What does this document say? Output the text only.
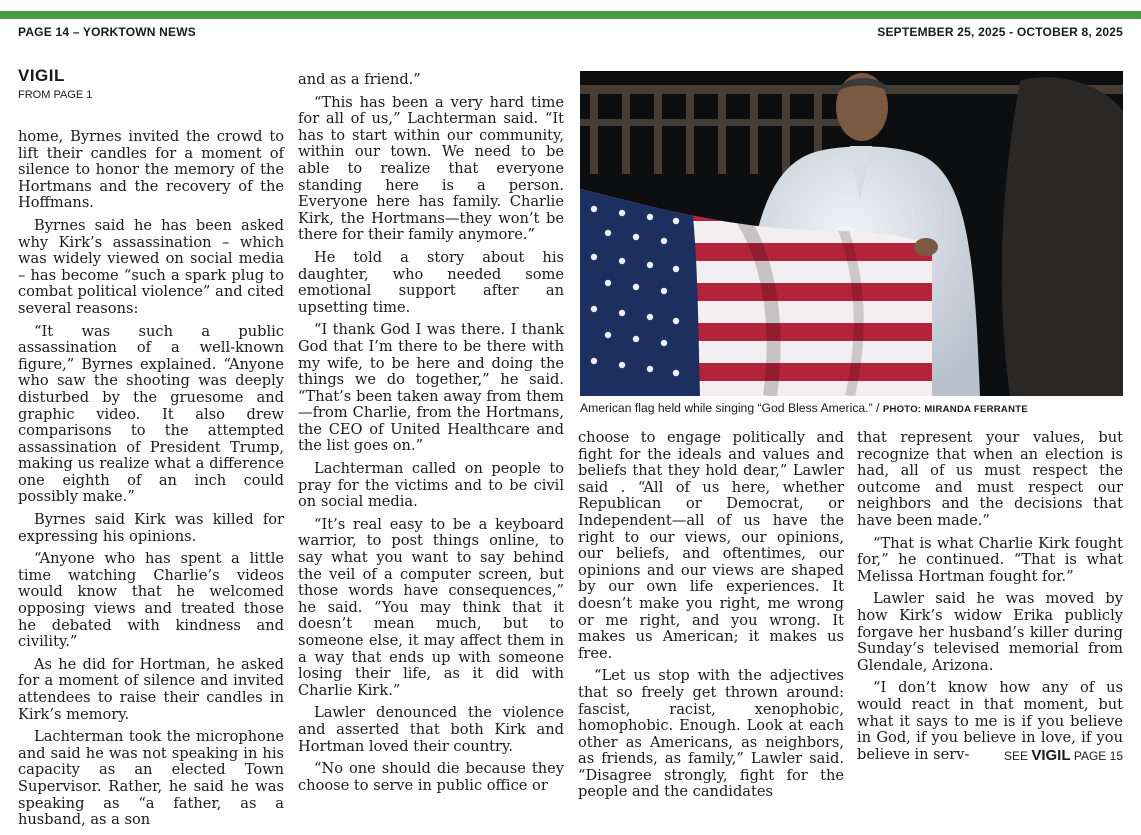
PAGE 14 – YORKTOWN NEWS	SEPTEMBER 25, 2025 - OCTOBER 8, 2025
VIGIL
FROM PAGE 1

home, Byrnes invited the crowd to lift their candles for a moment of silence to honor the memory of the Hortmans and the recovery of the Hoffmans.

Byrnes said he has been asked why Kirk’s assassination – which was widely viewed on social media – has become “such a spark plug to combat political violence” and cited several reasons:

“It was such a public assassination of a well-known figure,” Byrnes explained. “Anyone who saw the shooting was deeply disturbed by the gruesome and graphic video. It also drew comparisons to the attempted assassination of President Trump, making us realize what a difference one eighth of an inch could possibly make.”

Byrnes said Kirk was killed for expressing his opinions.

“Anyone who has spent a little time watching Charlie’s videos would know that he welcomed opposing views and treated those he debated with kindness and civility.”

As he did for Hortman, he asked for a moment of silence and invited attendees to raise their candles in Kirk’s memory.

Lachterman took the microphone and said he was not speaking in his capacity as an elected Town Supervisor. Rather, he said he was speaking as “a father, as a husband, as a son

and as a friend.”

“This has been a very hard time for all of us,” Lachterman said. “It has to start within our community, within our town. We need to be able to realize that everyone standing here is a person. Everyone here has family. Charlie Kirk, the Hortmans—they won’t be there for their family anymore.”

He told a story about his daughter, who needed some emotional support after an upsetting time.

“I thank God I was there. I thank God that I’m there to be there with my wife, to be here and doing the things we do together,” he said. “That’s been taken away from them—from Charlie, from the Hortmans, the CEO of United Healthcare and the list goes on.”

Lachterman called on people to pray for the victims and to be civil on social media.

“It’s real easy to be a keyboard warrior, to post things online, to say what you want to say behind the veil of a computer screen, but those words have consequences,” he said. “You may think that it doesn’t mean much, but to someone else, it may affect them in a way that ends up with someone losing their life, as it did with Charlie Kirk.”

Lawler denounced the violence and asserted that both Kirk and Hortman loved their country.

“No one should die because they choose to serve in public office or

American flag held while singing “God Bless America.” / PHOTO: MIRANDA FERRANTE

choose to engage politically and fight for the ideals and values and beliefs that they hold dear,” Lawler said . “All of us here, whether Republican or Democrat, or Independent—all of us have the right to our views, our opinions, our beliefs, and oftentimes, our opinions and our views are shaped by our own life experiences. It doesn’t make you right, me wrong or me right, and you wrong. It makes us American; it makes us free.

“Let us stop with the adjectives that so freely get thrown around: fascist, racist, xenophobic, homophobic. Enough. Look at each other as Americans, as neighbors, as friends, as family,” Lawler said. “Disagree strongly, fight for the people and the candidates

that represent your values, but recognize that when an election is had, all of us must respect the outcome and must respect our neighbors and the decisions that have been made.”

“That is what Charlie Kirk fought for,” he continued. “That is what Melissa Hortman fought for.”

Lawler said he was moved by how Kirk’s widow Erika publicly forgave her husband’s killer during Sunday’s televised memorial from Glendale, Arizona.

“I don’t know how any of us would react in that moment, but what it says to me is if you believe in God, if you believe in love, if you believe in serv-	SEE VIGIL PAGE 15
